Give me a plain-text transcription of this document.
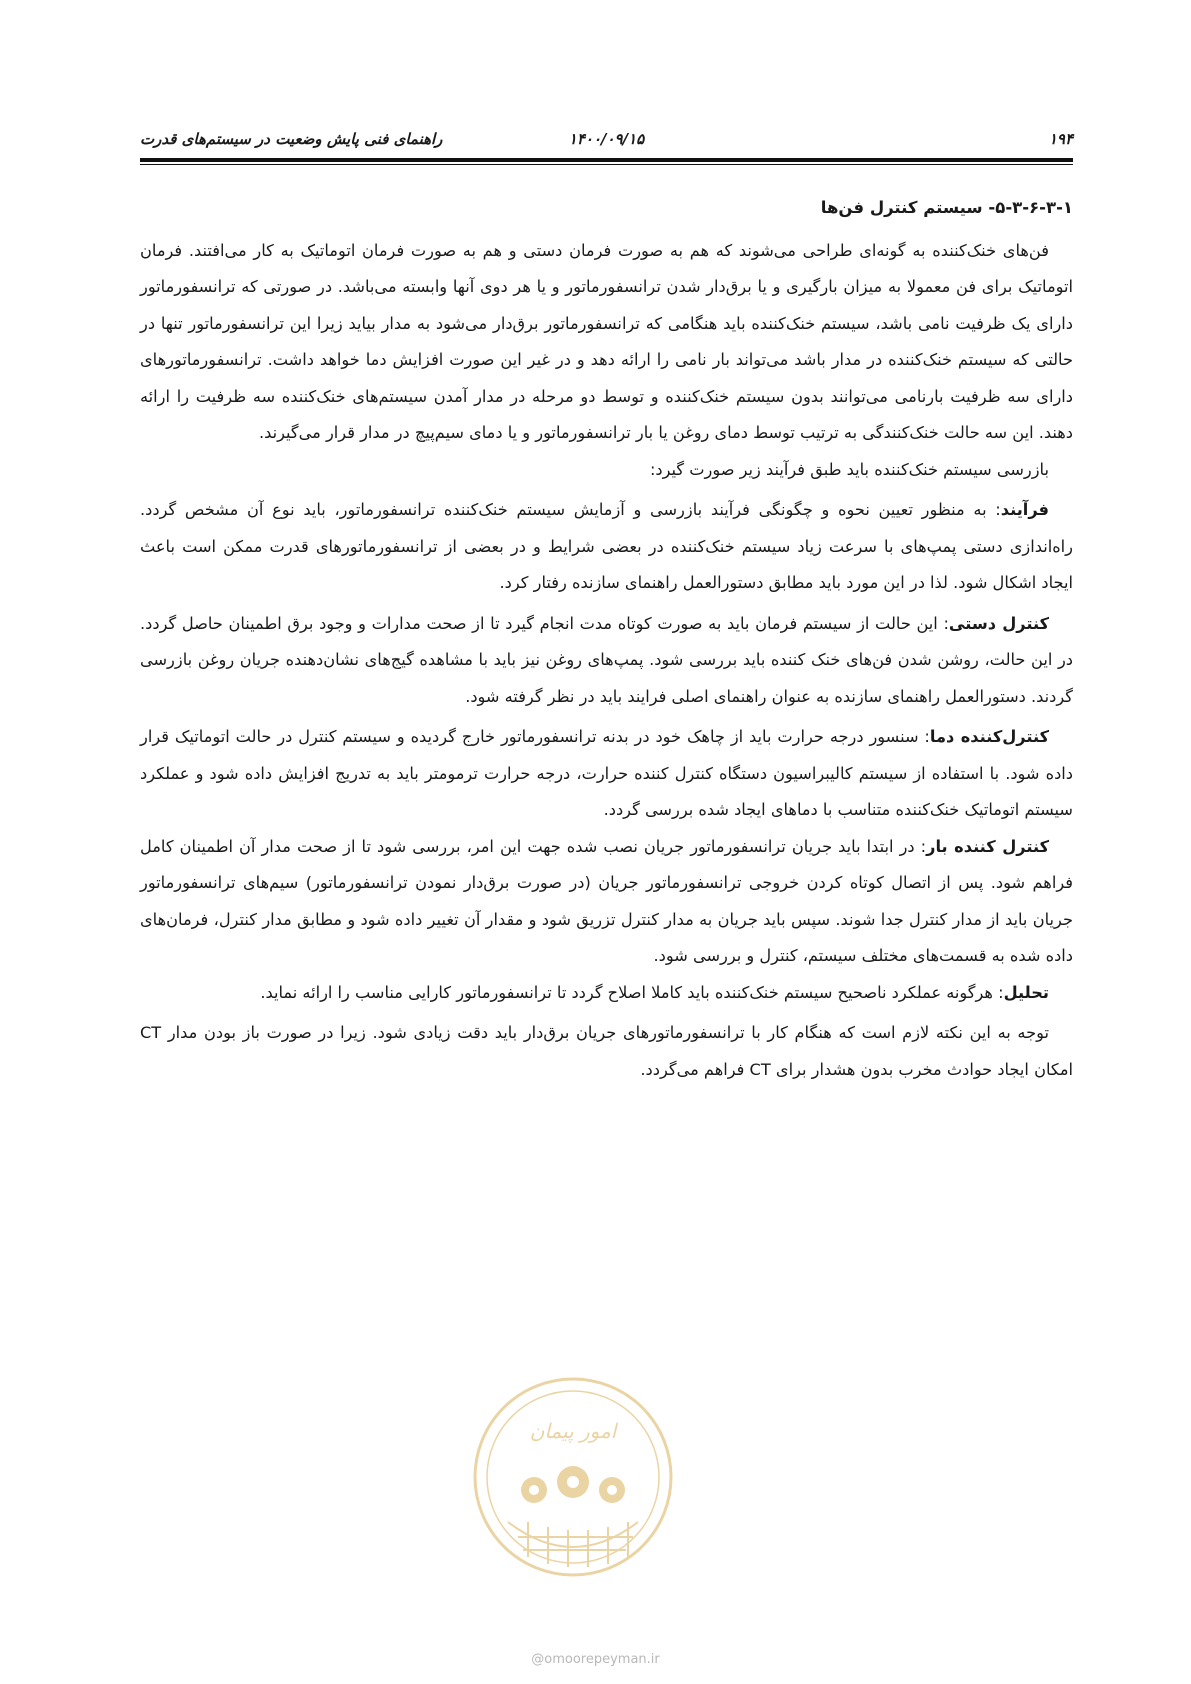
۱۹۴
۱۴۰۰/۰۹/۱۵
راهنمای فنی پایش وضعیت در سیستم‌های قدرت

۵-۳-۶-۳-۱- سیستم کنترل فن‌ها

فن‌های خنک‌کننده به گونه‌ای طراحی می‌شوند که هم به صورت فرمان دستی و هم به صورت فرمان اتوماتیک به کار می‌افتند. فرمان اتوماتیک برای فن معمولا به میزان بارگیری و یا برق‌دار شدن ترانسفورماتور و یا هر دوی آنها وابسته می‌باشد. در صورتی که ترانسفورماتور دارای یک ظرفیت نامی باشد، سیستم خنک‌کننده باید هنگامی که ترانسفورماتور برق‌دار می‌شود به مدار بیاید زیرا این ترانسفورماتور تنها در حالتی که سیستم خنک‌کننده در مدار باشد می‌تواند بار نامی را ارائه دهد و در غیر این صورت افزایش دما خواهد داشت. ترانسفورماتورهای دارای سه ظرفیت بارنامی می‌توانند بدون سیستم خنک‌کننده و توسط دو مرحله در مدار آمدن سیستم‌های خنک‌کننده سه ظرفیت را ارائه دهند. این سه حالت خنک‌کنندگی به ترتیب توسط دمای روغن یا بار ترانسفورماتور و یا دمای سیم‌پیچ در مدار قرار می‌گیرند.

بازرسی سیستم خنک‌کننده باید طبق فرآیند زیر صورت گیرد:

فرآیند: به منظور تعیین نحوه و چگونگی فرآیند بازرسی و آزمایش سیستم خنک‌کننده ترانسفورماتور، باید نوع آن مشخص گردد. راه‌اندازی دستی پمپ‌های با سرعت زیاد سیستم خنک‌کننده در بعضی شرایط و در بعضی از ترانسفورماتورهای قدرت ممکن است باعث ایجاد اشکال شود. لذا در این مورد باید مطابق دستورالعمل راهنمای سازنده رفتار کرد.

کنترل دستی: این حالت از سیستم فرمان باید به صورت کوتاه مدت انجام گیرد تا از صحت مدارات و وجود برق اطمینان حاصل گردد. در این حالت، روشن شدن فن‌های خنک کننده باید بررسی شود. پمپ‌های روغن نیز باید با مشاهده گیج‌های نشان‌دهنده جریان روغن بازرسی گردند. دستورالعمل راهنمای سازنده به عنوان راهنمای اصلی فرایند باید در نظر گرفته شود.

کنترل‌کننده دما: سنسور درجه حرارت باید از چاهک خود در بدنه ترانسفورماتور خارج گردیده و سیستم کنترل در حالت اتوماتیک قرار داده شود. با استفاده از سیستم کالیبراسیون دستگاه کنترل کننده حرارت، درجه حرارت ترمومتر باید به تدریج افزایش داده شود و عملکرد سیستم اتوماتیک خنک‌کننده متناسب با دماهای ایجاد شده بررسی گردد.

کنترل کننده بار: در ابتدا باید جریان ترانسفورماتور جریان نصب شده جهت این امر، بررسی شود تا از صحت مدار آن اطمینان کامل فراهم شود. پس از اتصال کوتاه کردن خروجی ترانسفورماتور جریان (در صورت برق‌دار نمودن ترانسفورماتور) سیم‌های ترانسفورماتور جریان باید از مدار کنترل جدا شوند. سپس باید جریان به مدار کنترل تزریق شود و مقدار آن تغییر داده شود و مطابق مدار کنترل، فرمان‌های داده شده به قسمت‌های مختلف سیستم، کنترل و بررسی شود.

تحلیل: هرگونه عملکرد ناصحیح سیستم خنک‌کننده باید کاملا اصلاح گردد تا ترانسفورماتور کارایی مناسب را ارائه نماید.

توجه به این نکته لازم است که هنگام کار با ترانسفورماتورهای جریان برق‌دار باید دقت زیادی شود. زیرا در صورت باز بودن مدار CT امکان ایجاد حوادث مخرب بدون هشدار برای CT فراهم می‌گردد.

امور پیمان
@omoorepeyman.ir
